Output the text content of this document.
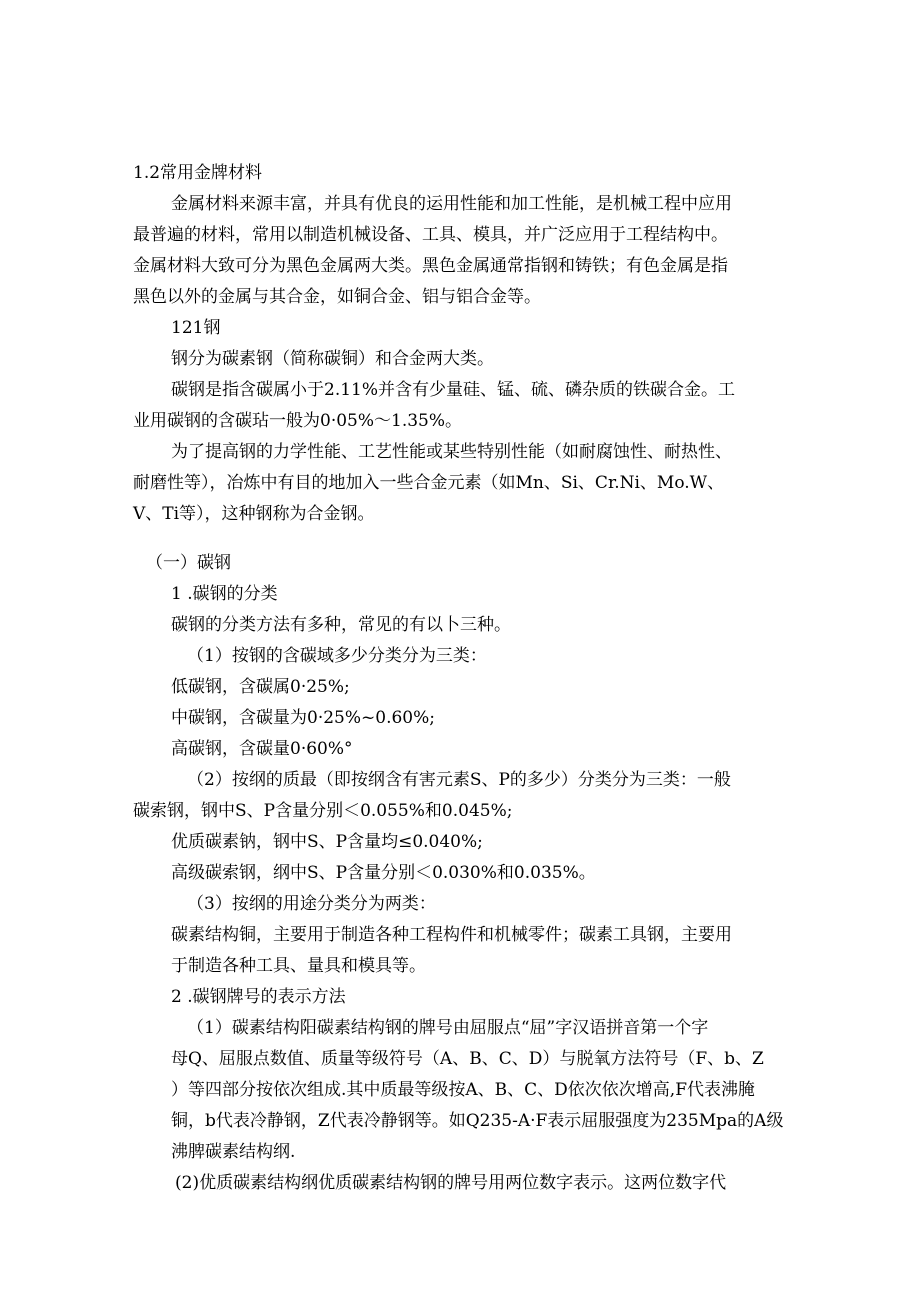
1.2常用金牌材料
金属材料来源丰富，并具有优良的运用性能和加工性能，是机械工程中应用
最普遍的材料，常用以制造机械设备、工具、模具，并广泛应用于工程结构中。
金属材料大致可分为黑色金属两大类。黑色金属通常指钢和铸铁；有色金属是指
黑色以外的金属与其合金，如铜合金、铝与铝合金等。
121钢
钢分为碳素钢（简称碳铜）和合金两大类。
碳钢是指含碳属小于2.11%并含有少量硅、锰、硫、磷杂质的铁碳合金。工
业用碳钢的含碳玷一般为0·05%～1.35%。
为了提高钢的力学性能、工艺性能或某些特别性能（如耐腐蚀性、耐热性、
耐磨性等），冶炼中有目的地加入一些合金元素（如Mn、Si、Cr.Ni、Mo.W、
V、Ti等），这种钢称为合金钢。
（一）碳钢
1 .碳钢的分类
碳钢的分类方法有多种，常见的有以卜三种。
（1）按钢的含碳域多少分类分为三类：
低碳钢，含碳属0·25%;
中碳钢，含碳量为0·25%~0.60%;
高碳钢，含碳量0·60%°
（2）按纲的质最（即按纲含有害元素S、P的多少）分类分为三类：一般
碳索钢，钢中S、P含量分别＜0.055%和0.045%;
优质碳素钠，钢中S、P含量均≤0.040%;
高级碳索钢，纲中S、P含量分别＜0.030%和0.035%。
（3）按纲的用途分类分为两类：
碳素结构铜，主要用于制造各种工程构件和机械零件；碳素工具钢，主要用
于制造各种工具、量具和模具等。
2 .碳钢牌号的表示方法
（1）碳素结构阳碳素结构钢的牌号由屈服点“屈”字汉语拼音第一个字
母Q、屈服点数值、质量等级符号（A、B、C、D）与脱氧方法符号（F、b、Z
）等四部分按依次组成.其中质最等级按A、B、C、D依次依次增高,F代表沸腌
铜，b代表冷静钢，Z代表冷静钢等。如Q235-A·F表示屈服强度为235Mpa的A级
沸脾碳素结构纲.
(2)优质碳素结构纲优质碳素结构钢的牌号用两位数字表示。这两位数字代
